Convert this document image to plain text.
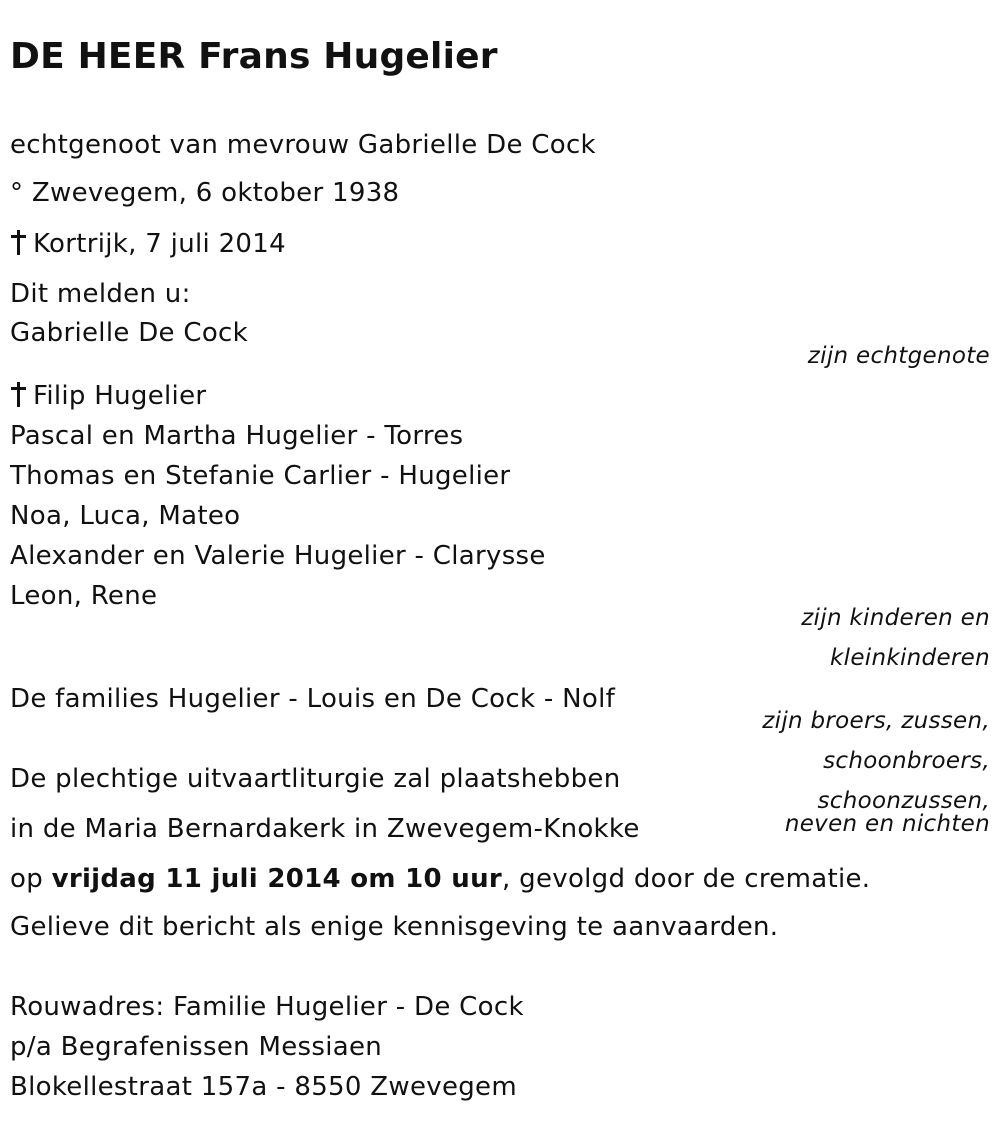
DE HEER Frans Hugelier
echtgenoot van mevrouw Gabrielle De Cock
° Zwevegem, 6 oktober 1938
Kortrijk, 7 juli 2014
Dit melden u:
Gabrielle De Cock
zijn echtgenote
Filip Hugelier
Pascal en Martha Hugelier - Torres
Thomas en Stefanie Carlier - Hugelier
Noa, Luca, Mateo
Alexander en Valerie Hugelier - Clarysse
Leon, Rene
zijn kinderen en
kleinkinderen
De families Hugelier - Louis en De Cock - Nolf
zijn broers, zussen,
schoonbroers,
schoonzussen,
neven en nichten
De plechtige uitvaartliturgie zal plaatshebben
in de Maria Bernardakerk in Zwevegem-Knokke
op vrijdag 11 juli 2014 om 10 uur, gevolgd door de crematie.
Gelieve dit bericht als enige kennisgeving te aanvaarden.
Rouwadres: Familie Hugelier - De Cock
p/a Begrafenissen Messiaen
Blokellestraat 157a - 8550 Zwevegem
